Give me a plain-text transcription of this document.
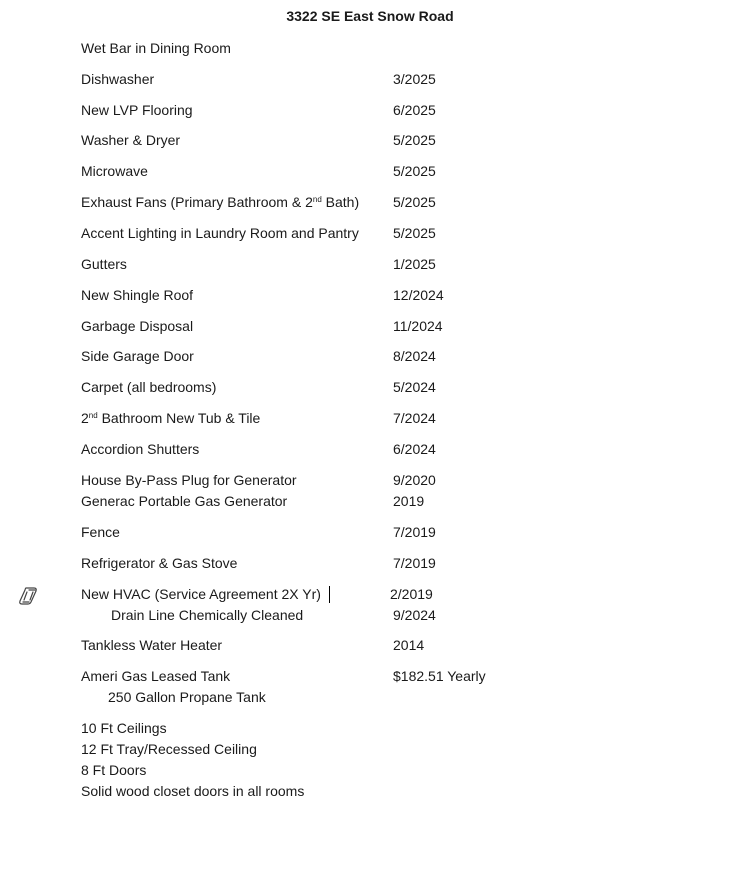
3322 SE East Snow Road
Wet Bar in Dining Room
Dishwasher	3/2025
New LVP Flooring	6/2025
Washer & Dryer	5/2025
Microwave	5/2025
Exhaust Fans (Primary Bathroom & 2nd Bath) 5/2025
Accent Lighting in Laundry Room and Pantry 5/2025
Gutters	1/2025
New Shingle Roof	12/2024
Garbage Disposal	11/2024
Side Garage Door	8/2024
Carpet (all bedrooms)	5/2024
2nd Bathroom New Tub & Tile	7/2024
Accordion Shutters	6/2024
House By-Pass Plug for Generator	9/2020
Generac Portable Gas Generator	2019
Fence	7/2019
Refrigerator & Gas Stove	7/2019
New HVAC (Service Agreement 2X Yr)	2/2019
Drain Line Chemically Cleaned	9/2024
Tankless Water Heater	2014
Ameri Gas Leased Tank	$182.51 Yearly
250 Gallon Propane Tank
10 Ft Ceilings
12 Ft Tray/Recessed Ceiling
8 Ft Doors
Solid wood closet doors in all rooms
